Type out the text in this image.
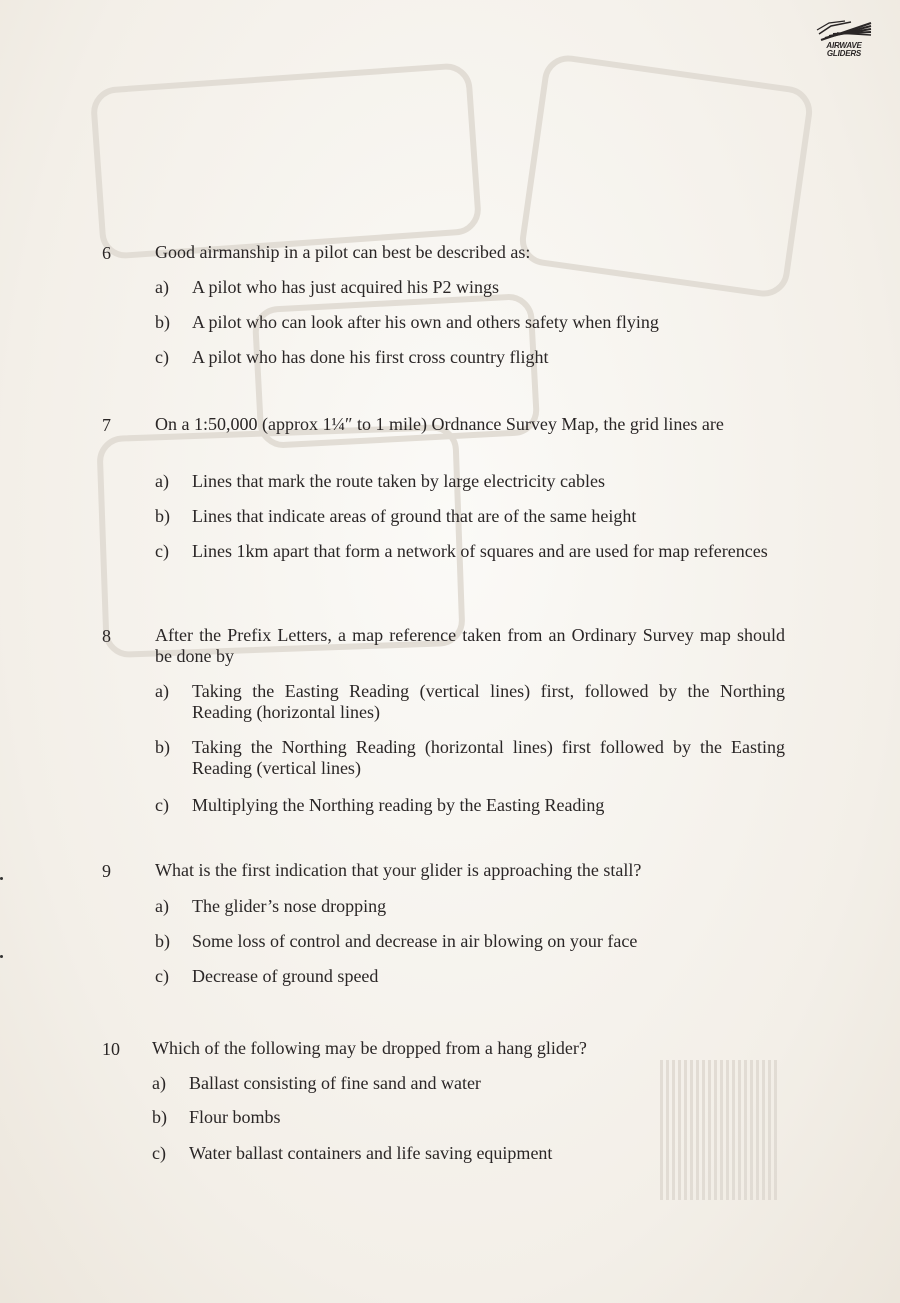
AIRWAVE
GLIDERS
6 Good airmanship in a pilot can best be described as:
a) A pilot who has just acquired his P2 wings
b) A pilot who can look after his own and others safety when flying
c) A pilot who has done his first cross country flight
7 On a 1:50,000 (approx 1¼″ to 1 mile) Ordnance Survey Map, the grid lines are
a) Lines that mark the route taken by large electricity cables
b) Lines that indicate areas of ground that are of the same height
c) Lines 1km apart that form a network of squares and are used for map references
8 After the Prefix Letters, a map reference taken from an Ordinary Survey map should be done by
a) Taking the Easting Reading (vertical lines) first, followed by the Northing Reading (horizontal lines)
b) Taking the Northing Reading (horizontal lines) first followed by the Easting Reading (vertical lines)
c) Multiplying the Northing reading by the Easting Reading
9 What is the first indication that your glider is approaching the stall?
a) The glider’s nose dropping
b) Some loss of control and decrease in air blowing on your face
c) Decrease of ground speed
10 Which of the following may be dropped from a hang glider?
a) Ballast consisting of fine sand and water
b) Flour bombs
c) Water ballast containers and life saving equipment
